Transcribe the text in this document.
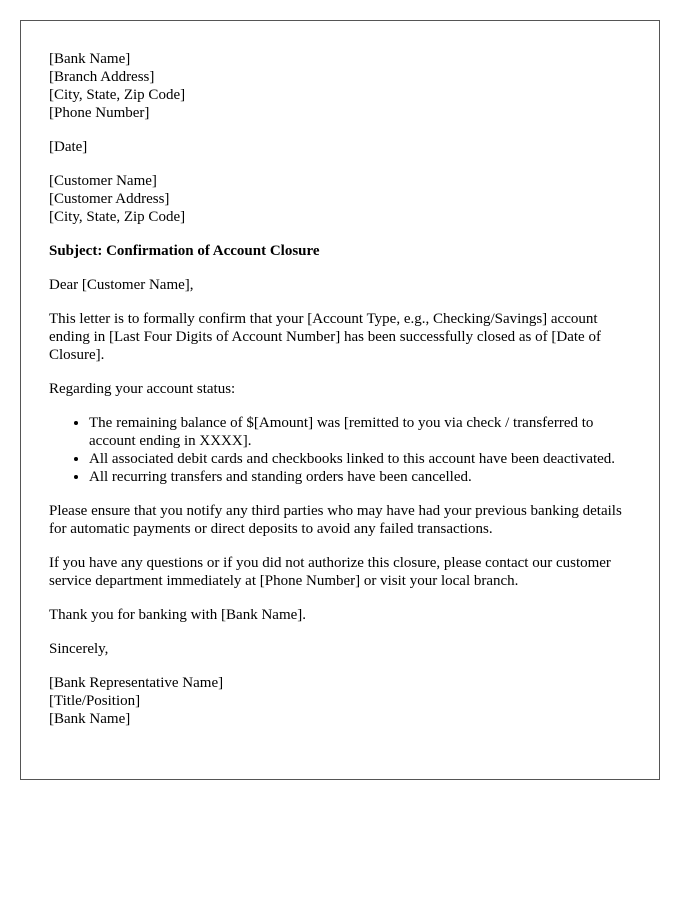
[Bank Name]
[Branch Address]
[City, State, Zip Code]
[Phone Number]
[Date]
[Customer Name]
[Customer Address]
[City, State, Zip Code]

Subject: Confirmation of Account Closure

Dear [Customer Name],

This letter is to formally confirm that your [Account Type, e.g., Checking/Savings] account ending in [Last Four Digits of Account Number] has been successfully closed as of [Date of Closure].

Regarding your account status:

• The remaining balance of $[Amount] was [remitted to you via check / transferred to account ending in XXXX].
• All associated debit cards and checkbooks linked to this account have been deactivated.
• All recurring transfers and standing orders have been cancelled.

Please ensure that you notify any third parties who may have had your previous banking details for automatic payments or direct deposits to avoid any failed transactions.

If you have any questions or if you did not authorize this closure, please contact our customer service department immediately at [Phone Number] or visit your local branch.

Thank you for banking with [Bank Name].

Sincerely,

[Bank Representative Name]
[Title/Position]
[Bank Name]
